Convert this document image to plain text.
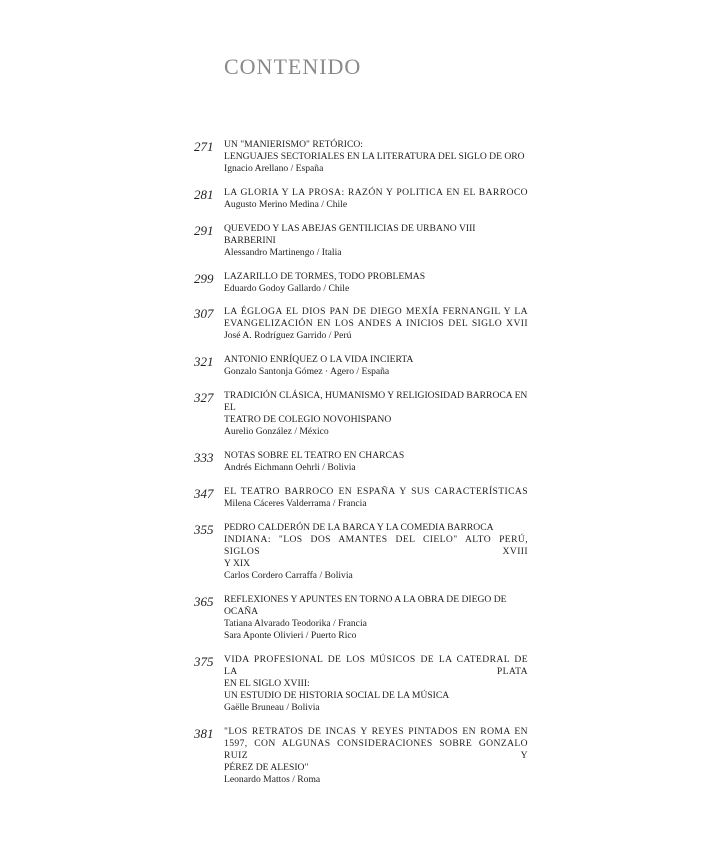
CONTENIDO
271	UN "MANIERISMO" RETÓRICO:
LENGUAJES SECTORIALES EN LA LITERATURA DEL SIGLO DE ORO
Ignacio Arellano / España
281	LA GLORIA Y LA PROSA: RAZÓN Y POLITICA EN EL BARROCO
Augusto Merino Medina / Chile
291	QUEVEDO Y LAS ABEJAS GENTILICIAS DE URBANO VIII BARBERINI
Alessandro Martinengo / Italia
299	LAZARILLO DE TORMES, TODO PROBLEMAS
Eduardo Godoy Gallardo / Chile
307	LA ÉGLOGA EL DIOS PAN DE DIEGO MEXÍA FERNANGIL Y LA
EVANGELIZACIÓN EN LOS ANDES A INICIOS DEL SIGLO XVII
José A. Rodríguez Garrido / Perú
321	ANTONIO ENRÍQUEZ O LA VIDA INCIERTA
Gonzalo Santonja Gómez · Agero / España
327	TRADICIÓN CLÁSICA, HUMANISMO Y RELIGIOSIDAD BARROCA EN EL
TEATRO DE COLEGIO NOVOHISPANO
Aurelio González / México
333	NOTAS SOBRE EL TEATRO EN CHARCAS
Andrés Eichmann Oehrli / Bolivia
347	EL TEATRO BARROCO EN ESPAÑA Y SUS CARACTERÍSTICAS
Milena Cáceres Valderrama / Francia
355	PEDRO CALDERÓN DE LA BARCA Y LA COMEDIA BARROCA
INDIANA: "LOS DOS AMANTES DEL CIELO" ALTO PERÚ, SIGLOS XVIII
Y XIX
Carlos Cordero Carraffa / Bolivia
365	REFLEXIONES Y APUNTES EN TORNO A LA OBRA DE DIEGO DE OCAÑA
Tatiana Alvarado Teodorika / Francia
Sara Aponte Olivieri / Puerto Rico
375	VIDA PROFESIONAL DE LOS MÚSICOS DE LA CATEDRAL DE LA PLATA
EN EL SIGLO XVIII:
UN ESTUDIO DE HISTORIA SOCIAL DE LA MÚSICA
Gaëlle Bruneau / Bolivia
381	"LOS RETRATOS DE INCAS Y REYES PINTADOS EN ROMA EN
1597, CON ALGUNAS CONSIDERACIONES SOBRE GONZALO RUIZ Y
PÉREZ DE ALESIO"
Leonardo Mattos / Roma
